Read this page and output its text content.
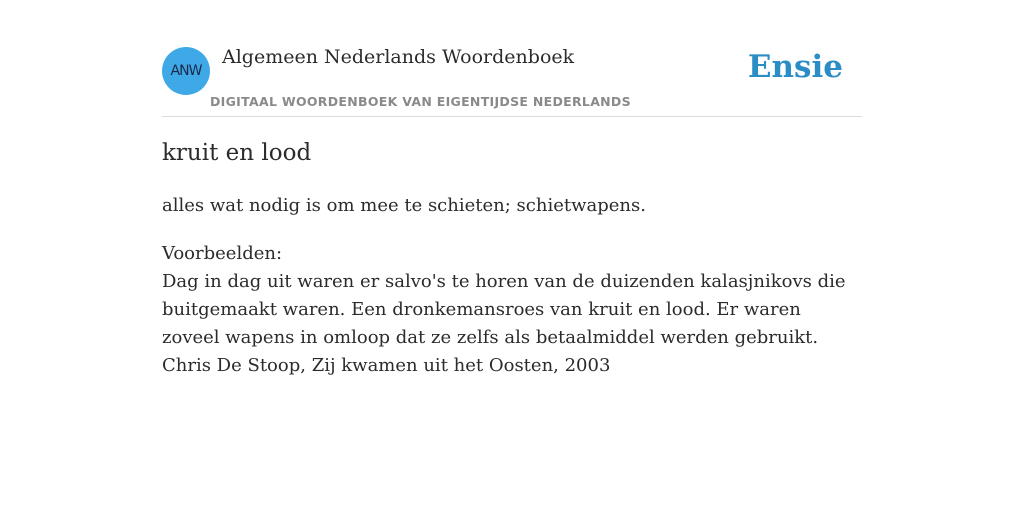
ANW
Algemeen Nederlands Woordenboek
DIGITAAL WOORDENBOEK VAN EIGENTIJDSE NEDERLANDS
Ensie
kruit en lood
alles wat nodig is om mee te schieten; schietwapens.

Voorbeelden:

Dag in dag uit waren er salvo's te horen van de duizenden kalasjnikovs die buitgemaakt waren. Een dronkemansroes van kruit en lood. Er waren zoveel wapens in omloop dat ze zelfs als betaalmiddel werden gebruikt.

Chris De Stoop, Zij kwamen uit het Oosten, 2003
